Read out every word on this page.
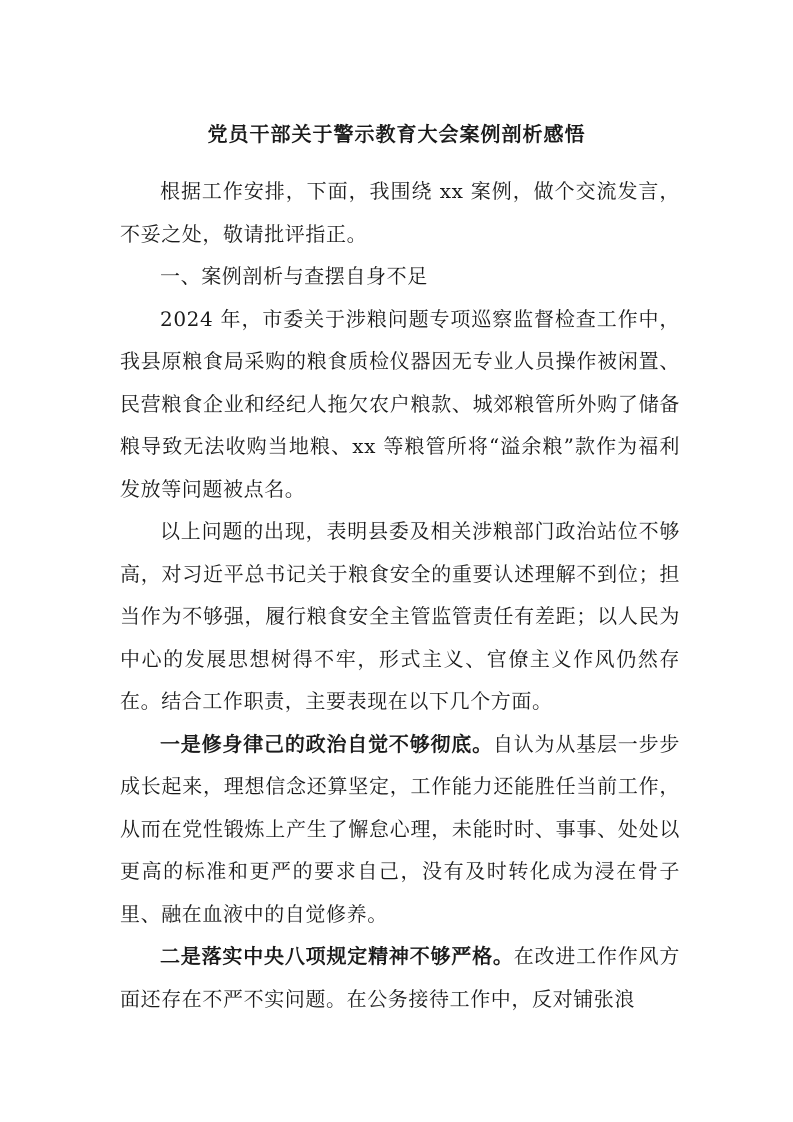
党员干部关于警示教育大会案例剖析感悟

根据工作安排，下面，我围绕 xx 案例，做个交流发言，不妥之处，敬请批评指正。

一、案例剖析与查摆自身不足

2024 年，市委关于涉粮问题专项巡察监督检查工作中，我县原粮食局采购的粮食质检仪器因无专业人员操作被闲置、民营粮食企业和经纪人拖欠农户粮款、城郊粮管所外购了储备粮导致无法收购当地粮、xx 等粮管所将“溢余粮”款作为福利发放等问题被点名。

以上问题的出现，表明县委及相关涉粮部门政治站位不够高，对习近平总书记关于粮食安全的重要认述理解不到位；担当作为不够强，履行粮食安全主管监管责任有差距；以人民为中心的发展思想树得不牢，形式主义、官僚主义作风仍然存在。结合工作职责，主要表现在以下几个方面。

一是修身律己的政治自觉不够彻底。自认为从基层一步步成长起来，理想信念还算坚定，工作能力还能胜任当前工作，从而在党性锻炼上产生了懈怠心理，未能时时、事事、处处以更高的标准和更严的要求自己，没有及时转化成为浸在骨子里、融在血液中的自觉修养。

二是落实中央八项规定精神不够严格。在改进工作作风方面还存在不严不实问题。在公务接待工作中，反对铺张浪
